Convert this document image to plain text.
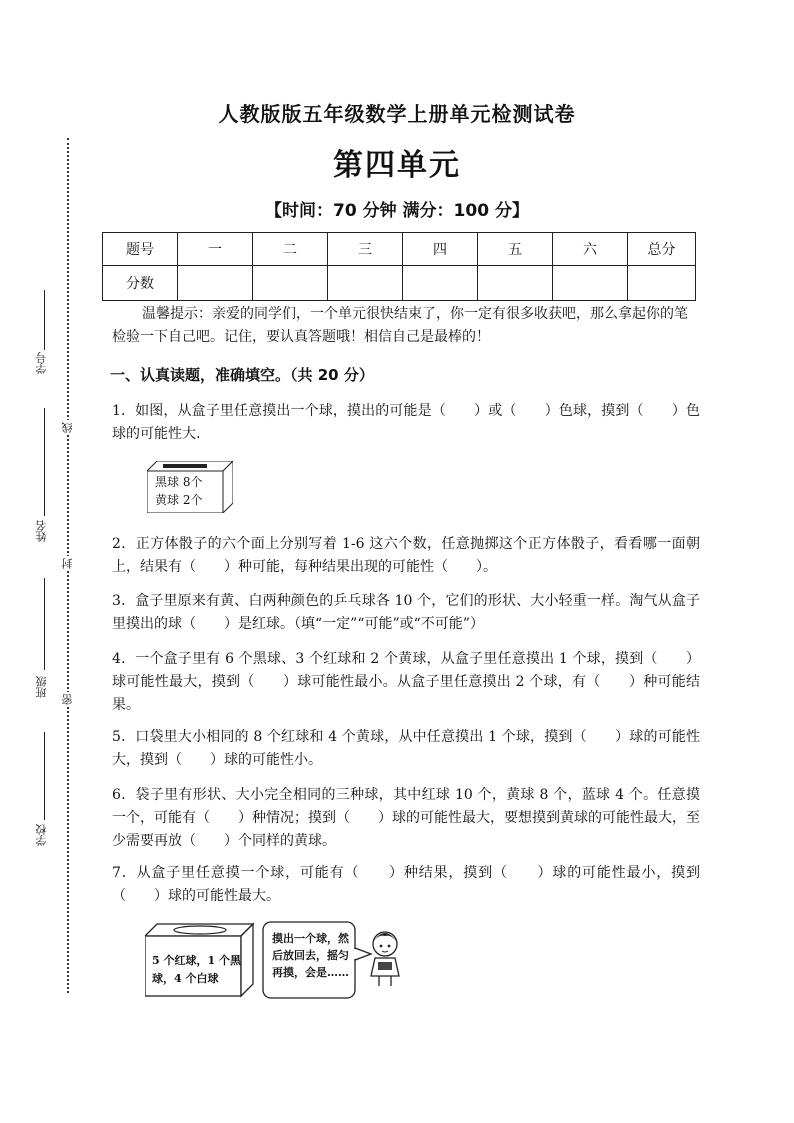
学号
姓名
班级
学校
线
封
密
人教版版五年级数学上册单元检测试卷
第四单元
【时间：70 分钟 满分：100 分】
题号	一	二	三	四	五	六	总分
分数							
温馨提示：亲爱的同学们，一个单元很快结束了，你一定有很多收获吧，那么拿起你的笔检验一下自己吧。记住，要认真答题哦！相信自己是最棒的！
一、认真读题，准确填空。（共 20 分）
1．如图，从盒子里任意摸出一个球，摸出的可能是（　　）或（　　）色球，摸到（　　）色球的可能性大.
黑球 8个
黄球 2个
2．正方体骰子的六个面上分别写着 1-6 这六个数，任意抛掷这个正方体骰子，看看哪一面朝上，结果有（　　）种可能，每种结果出现的可能性（　　）。
3．盒子里原来有黄、白两种颜色的乒乓球各 10 个，它们的形状、大小轻重一样。淘气从盒子里摸出的球（　　）是红球。（填“一定”“可能”或“不可能”）
4．一个盒子里有 6 个黑球、3 个红球和 2 个黄球，从盒子里任意摸出 1 个球，摸到（　　）球可能性最大，摸到（　　）球可能性最小。从盒子里任意摸出 2 个球，有（　　）种可能结果。
5．口袋里大小相同的 8 个红球和 4 个黄球，从中任意摸出 1 个球，摸到（　　）球的可能性大，摸到（　　）球的可能性小。
6．袋子里有形状、大小完全相同的三种球，其中红球 10 个，黄球 8 个，蓝球 4 个。任意摸一个，可能有（　　）种情况；摸到（　　）球的可能性最大，要想摸到黄球的可能性最大，至少需要再放（　　）个同样的黄球。
7．从盒子里任意摸一个球，可能有（　　）种结果，摸到（　　）球的可能性最小，摸到（　　）球的可能性最大。
5 个红球，1 个黑
球，4 个白球
摸出一个球，然
后放回去，摇匀
再摸，会是……
